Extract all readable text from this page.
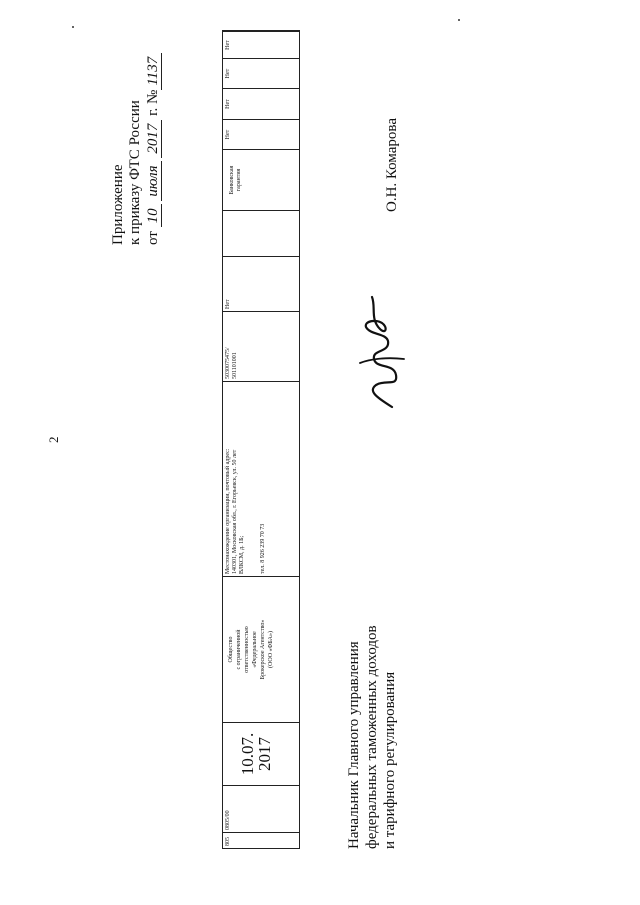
2
Приложение к приказу ФТС России от 10 июля 2017 г. №1137
805
0805/00
10.07.
2017
Общество с ограниченной ответственностью «Федеральное Брокерское Агентство» (ООО «ФБА»)
Местонахождение организации, почтовый адрес: 140301, Московская обл., г. Егорьевск, ул. 50 лет ВЛКСМ, д. 1Б;	тел. 8 926 239 70 73
5030075475/ 501101001
Нет
Банковская гарантия
Нет
Нет
Нет
Нет
Начальник Главного управления федеральных таможенных доходов и тарифного регулирования
О.Н. Комарова
